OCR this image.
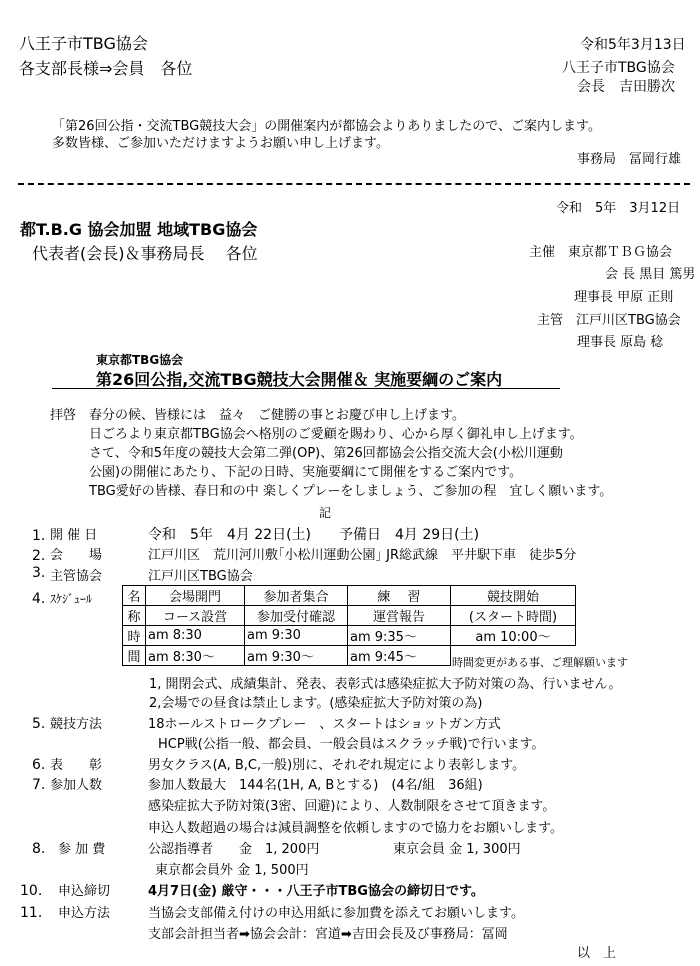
八王子市TBG協会
各支部長様⇒会員　各位
令和5年3月13日
八王子市TBG協会
会長　吉田勝次
「第26回公指・交流TBG競技大会」の開催案内が都協会よりありましたので、ご案内します。
多数皆様、ご参加いただけますようお願い申し上げます。
事務局　冨岡行雄
令和　5年　3月12日
都T.B.G 協会加盟 地域TBG協会
代表者(会長)＆事務局長　 各位	主催　東京都ＴＢＧ協会
会 長 黒目 篤男
理事長 甲原 正則
主管　江戸川区TBG協会
理事長 原島 稔
東京都TBG協会
第26回公指,交流TBG競技大会開催＆ 実施要綱のご案内
拝啓　春分の候、皆様には　益々　ご健勝の事とお慶び申し上げます。
日ごろより東京都TBG協会へ格別のご愛顧を賜わり、心から厚く御礼申し上げます。
さて、令和5年度の競技大会第二弾(OP)、第26回都協会公指交流大会(小松川運動
公園)の開催にあたり、下記の日時、実施要綱にて開催をするご案内です。
TBG愛好の皆様、春日和の中 楽しくプレーをしましょう、ご参加の程　宜しく願います。
記
1. 開 催 日	令和　5年　4月 22日(土)　　予備日　4月 29日(土)
2. 会　　場	江戸川区　荒川河川敷｢小松川運動公園｣ JR総武線　平井駅下車　徒歩5分
3. 主管協会	江戸川区TBG協会
4. ｽｹｼﾞｭｰﾙ	名	会場開門	参加者集合	練　 習	競技開始
称	コース設営	参加受付確認	運営報告	(スタート時間)
時	am 8:30	am 9:30	am 9:35～	am 10:00～
間	am 8:30～	am 9:30～	am 9:45～		時間変更がある事、ご理解願います
1, 開閉会式、成績集計、発表、表彰式は感染症拡大予防対策の為、行いません。
2,会場での昼食は禁止します。(感染症拡大予防対策の為)
5. 競技方法	18ホールストロークプレー　、スタートはショットガン方式
HCP戦(公指一般、都会員、一般会員はスクラッチ戦)で行います。
6. 表　　彰	男女クラス(A, B,C,一般)別に、それぞれ規定により表彰します。
7. 参加人数	参加人数最大　144名(1H, A, Bとする)　(4名/組　36組)
感染症拡大予防対策(3密、回避)により、人数制限をさせて頂きます。
申込人数超過の場合は減員調整を依頼しますので協力をお願いします。
8. 参 加 費	公認指導者　　金　1, 200円	東京会員 金 1, 300円
東京都会員外 金 1, 500円
10. 申込締切	4月7日(金) 厳守・・・八王子市TBG協会の締切日です。
11. 申込方法	当協会支部備え付けの申込用紙に参加費を添えてお願いします。
支部会計担当者➡協会会計：宮道➡吉田会長及び事務局：冨岡
以　上
